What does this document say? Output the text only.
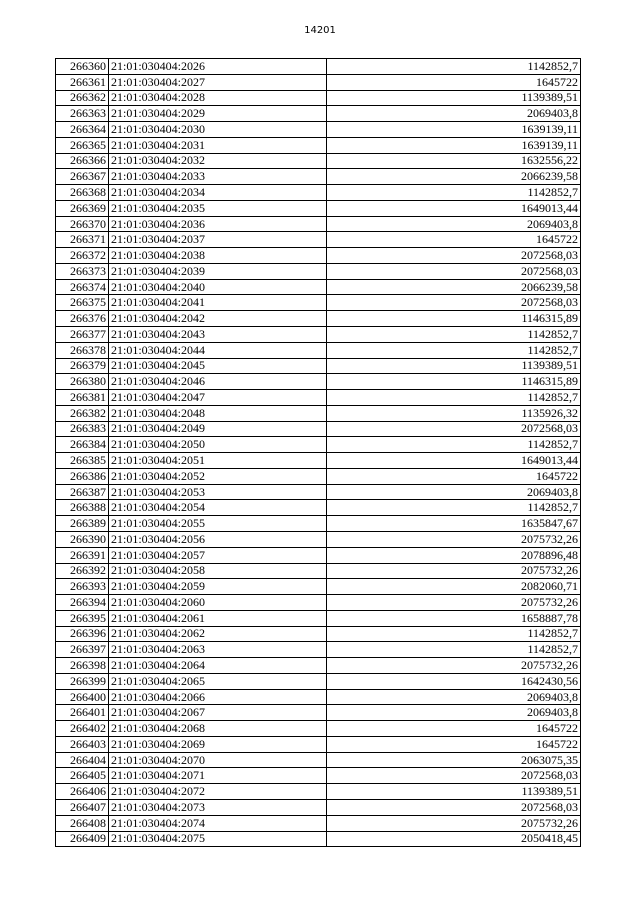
14201
266360	21:01:030404:2026	1142852,7
266361	21:01:030404:2027	1645722
266362	21:01:030404:2028	1139389,51
266363	21:01:030404:2029	2069403,8
266364	21:01:030404:2030	1639139,11
266365	21:01:030404:2031	1639139,11
266366	21:01:030404:2032	1632556,22
266367	21:01:030404:2033	2066239,58
266368	21:01:030404:2034	1142852,7
266369	21:01:030404:2035	1649013,44
266370	21:01:030404:2036	2069403,8
266371	21:01:030404:2037	1645722
266372	21:01:030404:2038	2072568,03
266373	21:01:030404:2039	2072568,03
266374	21:01:030404:2040	2066239,58
266375	21:01:030404:2041	2072568,03
266376	21:01:030404:2042	1146315,89
266377	21:01:030404:2043	1142852,7
266378	21:01:030404:2044	1142852,7
266379	21:01:030404:2045	1139389,51
266380	21:01:030404:2046	1146315,89
266381	21:01:030404:2047	1142852,7
266382	21:01:030404:2048	1135926,32
266383	21:01:030404:2049	2072568,03
266384	21:01:030404:2050	1142852,7
266385	21:01:030404:2051	1649013,44
266386	21:01:030404:2052	1645722
266387	21:01:030404:2053	2069403,8
266388	21:01:030404:2054	1142852,7
266389	21:01:030404:2055	1635847,67
266390	21:01:030404:2056	2075732,26
266391	21:01:030404:2057	2078896,48
266392	21:01:030404:2058	2075732,26
266393	21:01:030404:2059	2082060,71
266394	21:01:030404:2060	2075732,26
266395	21:01:030404:2061	1658887,78
266396	21:01:030404:2062	1142852,7
266397	21:01:030404:2063	1142852,7
266398	21:01:030404:2064	2075732,26
266399	21:01:030404:2065	1642430,56
266400	21:01:030404:2066	2069403,8
266401	21:01:030404:2067	2069403,8
266402	21:01:030404:2068	1645722
266403	21:01:030404:2069	1645722
266404	21:01:030404:2070	2063075,35
266405	21:01:030404:2071	2072568,03
266406	21:01:030404:2072	1139389,51
266407	21:01:030404:2073	2072568,03
266408	21:01:030404:2074	2075732,26
266409	21:01:030404:2075	2050418,45
